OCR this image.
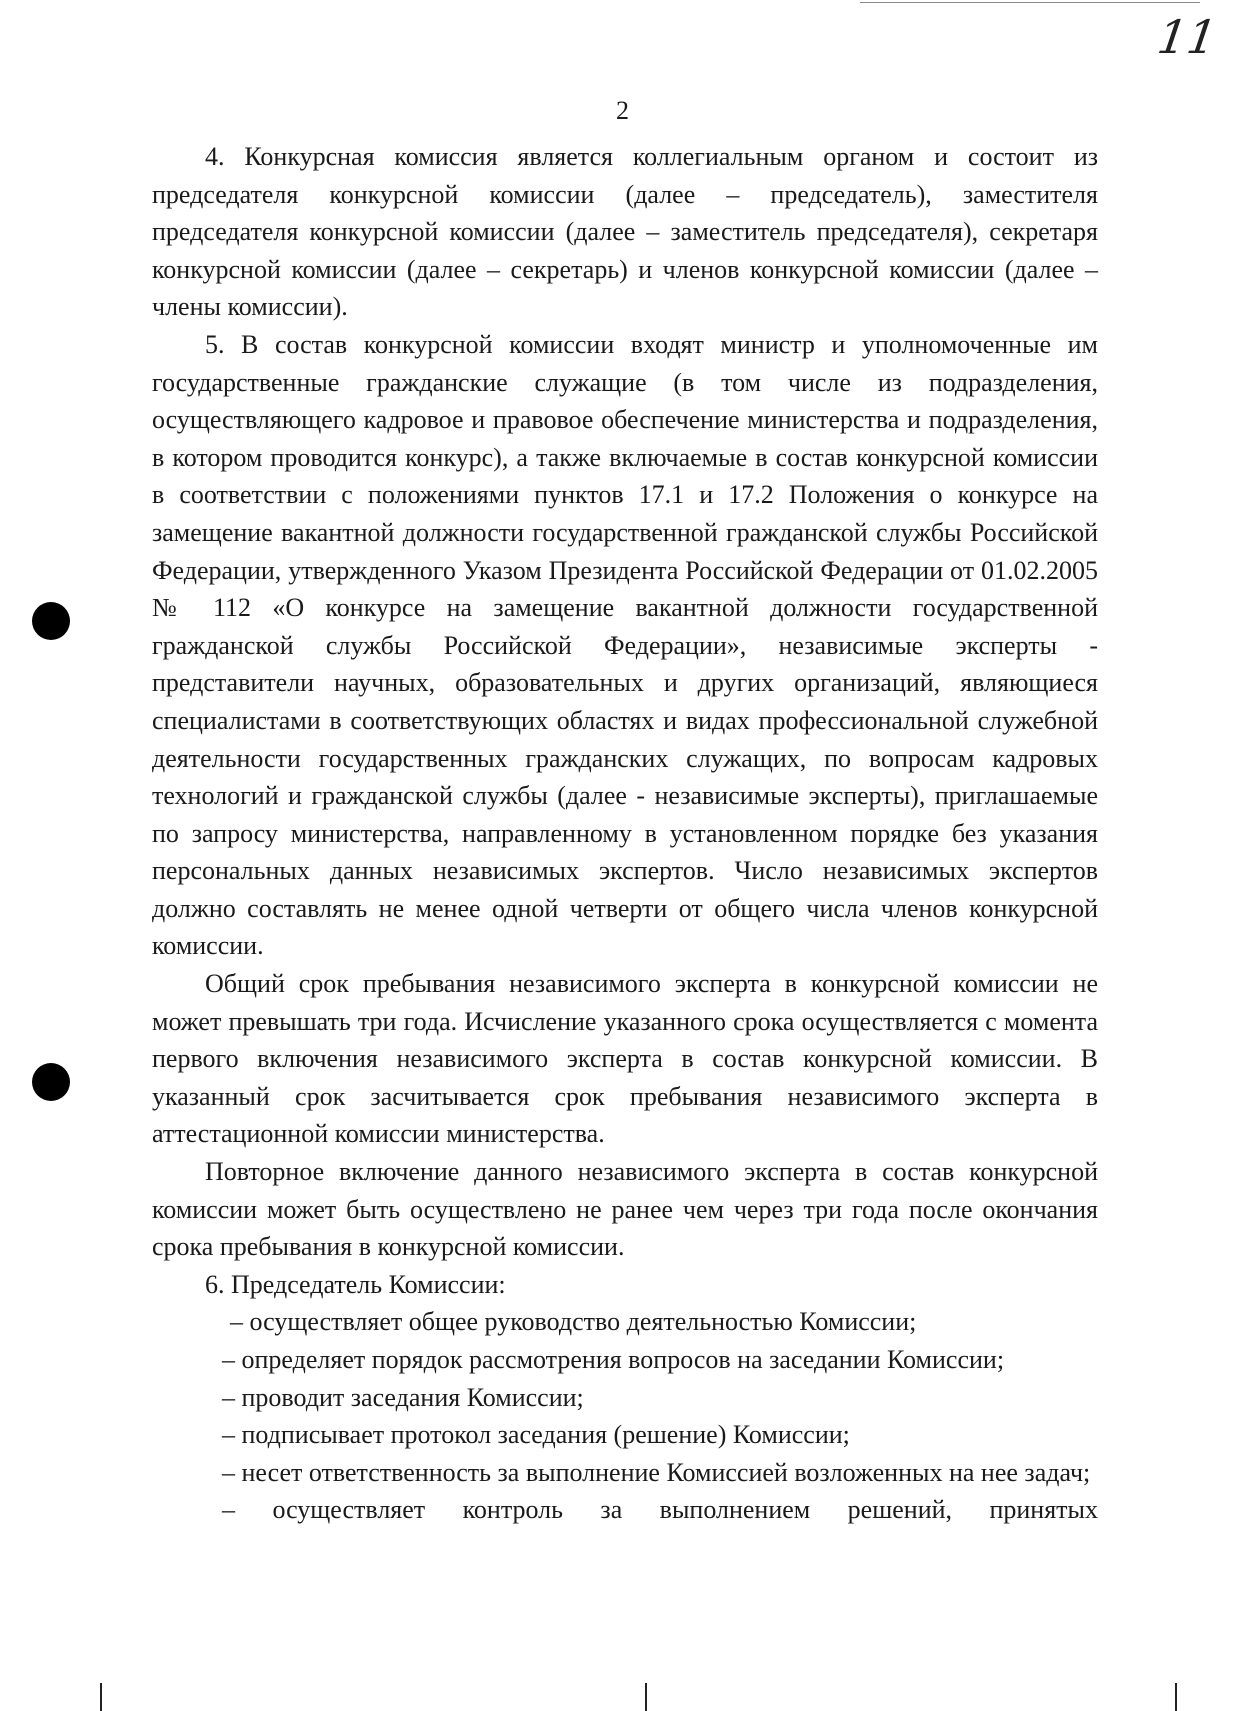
11
2

4. Конкурсная комиссия является коллегиальным органом и состоит из председателя конкурсной комиссии (далее – председатель), заместителя председателя конкурсной комиссии (далее – заместитель председателя), секретаря конкурсной комиссии (далее – секретарь) и членов конкурсной комиссии (далее – члены комиссии).

5. В состав конкурсной комиссии входят министр и уполномоченные им государственные гражданские служащие (в том числе из подразделения, осуществляющего кадровое и правовое обеспечение министерства и подразделения, в котором проводится конкурс), а также включаемые в состав конкурсной комиссии в соответствии с положениями пунктов 17.1 и 17.2 Положения о конкурсе на замещение вакантной должности государственной гражданской службы Российской Федерации, утвержденного Указом Президента Российской Федерации от 01.02.2005 № 112 «О конкурсе на замещение вакантной должности государственной гражданской службы Российской Федерации», независимые эксперты - представители научных, образовательных и других организаций, являющиеся специалистами в соответствующих областях и видах профессиональной служебной деятельности государственных гражданских служащих, по вопросам кадровых технологий и гражданской службы (далее - независимые эксперты), приглашаемые по запросу министерства, направленному в установленном порядке без указания персональных данных независимых экспертов. Число независимых экспертов должно составлять не менее одной четверти от общего числа членов конкурсной комиссии.

Общий срок пребывания независимого эксперта в конкурсной комиссии не может превышать три года. Исчисление указанного срока осуществляется с момента первого включения независимого эксперта в состав конкурсной комиссии. В указанный срок засчитывается срок пребывания независимого эксперта в аттестационной комиссии министерства.

Повторное включение данного независимого эксперта в состав конкурсной комиссии может быть осуществлено не ранее чем через три года после окончания срока пребывания в конкурсной комиссии.

6. Председатель Комиссии:

– осуществляет общее руководство деятельностью Комиссии;

– определяет порядок рассмотрения вопросов на заседании Комиссии;

– проводит заседания Комиссии;

– подписывает протокол заседания (решение) Комиссии;

– несет ответственность за выполнение Комиссией возложенных на нее задач;

– осуществляет контроль за выполнением решений, принятых
